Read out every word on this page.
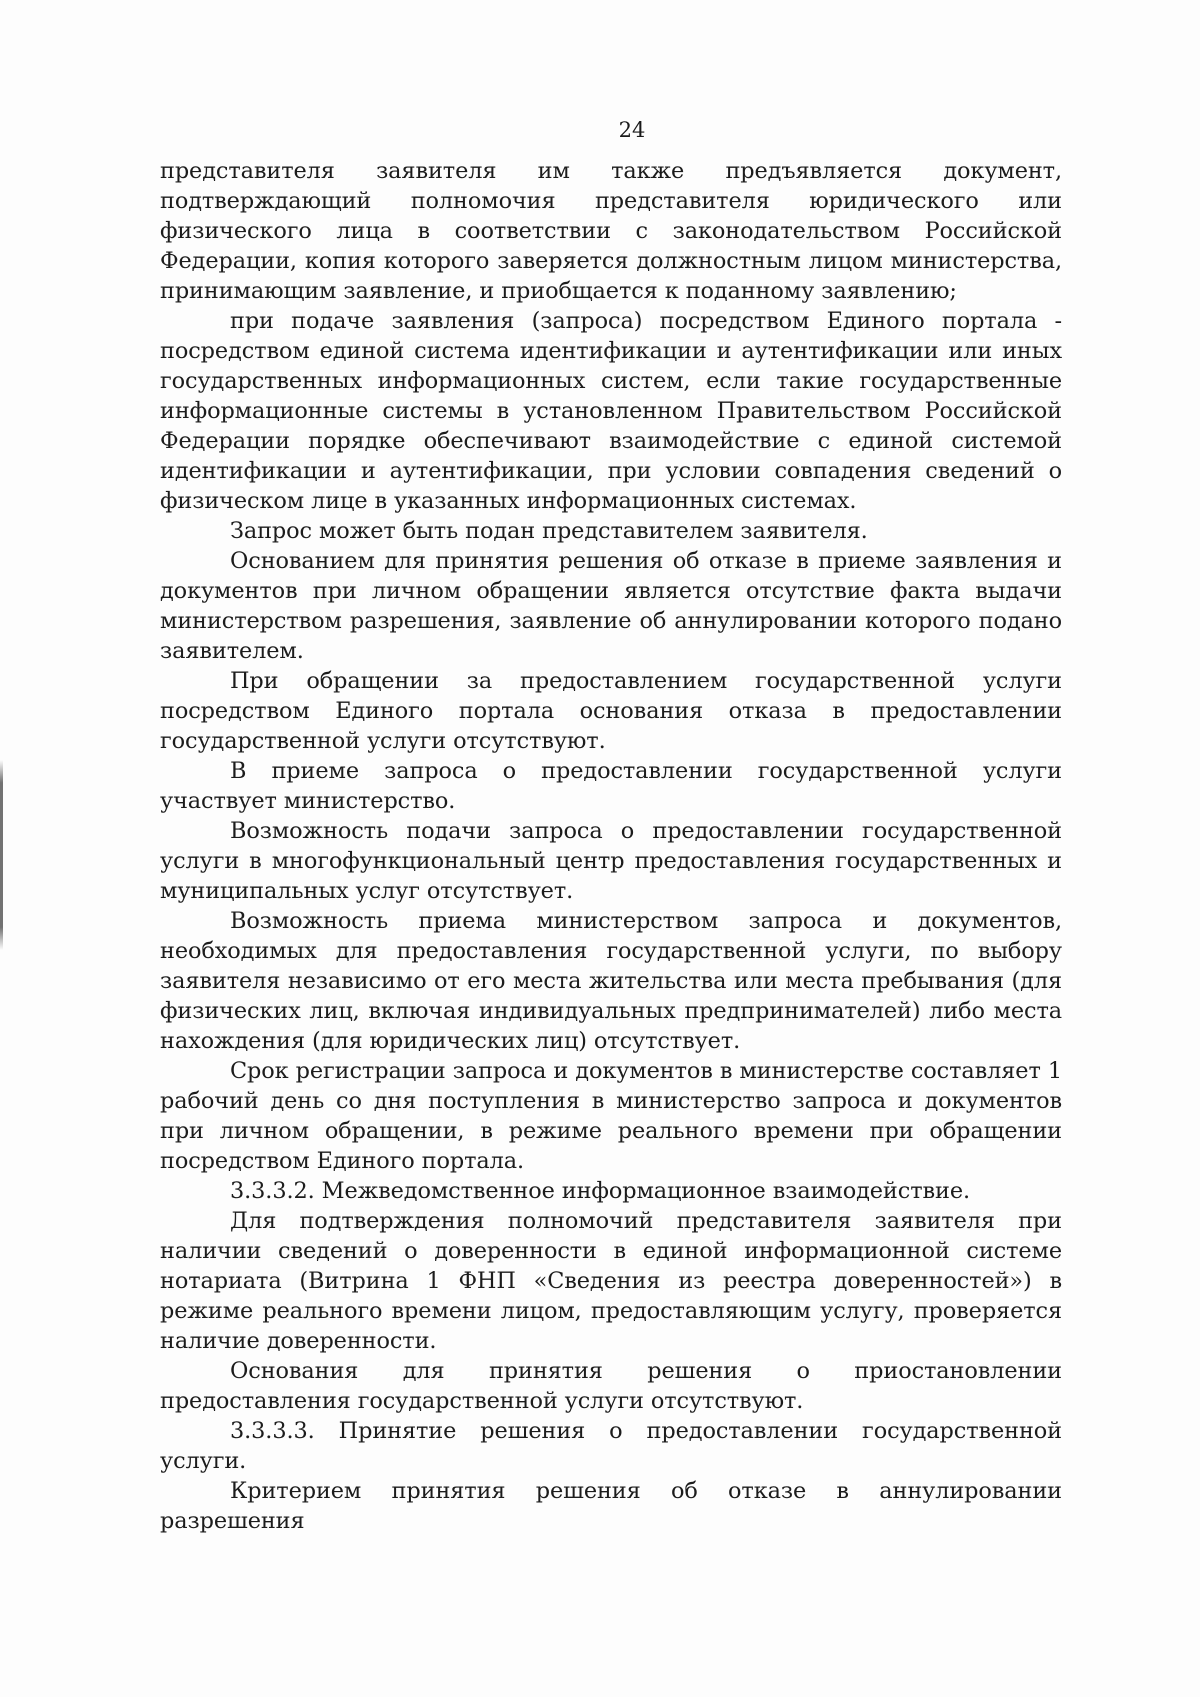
24

представителя заявителя им также предъявляется документ, подтверждающий полномочия представителя юридического или физического лица в соответствии с законодательством Российской Федерации, копия которого заверяется должностным лицом министерства, принимающим заявление, и приобщается к поданному заявлению;

при подаче заявления (запроса) посредством Единого портала - посредством единой система идентификации и аутентификации или иных государственных информационных систем, если такие государственные информационные системы в установленном Правительством Российской Федерации порядке обеспечивают взаимодействие с единой системой идентификации и аутентификации, при условии совпадения сведений о физическом лице в указанных информационных системах.

Запрос может быть подан представителем заявителя.

Основанием для принятия решения об отказе в приеме заявления и документов при личном обращении является отсутствие факта выдачи министерством разрешения, заявление об аннулировании которого подано заявителем.

При обращении за предоставлением государственной услуги посредством Единого портала основания отказа в предоставлении государственной услуги отсутствуют.

В приеме запроса о предоставлении государственной услуги участвует министерство.

Возможность подачи запроса о предоставлении государственной услуги в многофункциональный центр предоставления государственных и муниципальных услуг отсутствует.

Возможность приема министерством запроса и документов, необходимых для предоставления государственной услуги, по выбору заявителя независимо от его места жительства или места пребывания (для физических лиц, включая индивидуальных предпринимателей) либо места нахождения (для юридических лиц) отсутствует.

Срок регистрации запроса и документов в министерстве составляет 1 рабочий день со дня поступления в министерство запроса и документов при личном обращении, в режиме реального времени при обращении посредством Единого портала.

3.3.3.2. Межведомственное информационное взаимодействие.

Для подтверждения полномочий представителя заявителя при наличии сведений о доверенности в единой информационной системе нотариата (Витрина 1 ФНП «Сведения из реестра доверенностей») в режиме реального времени лицом, предоставляющим услугу, проверяется наличие доверенности.

Основания для принятия решения о приостановлении предоставления государственной услуги отсутствуют.

3.3.3.3. Принятие решения о предоставлении государственной услуги.

Критерием принятия решения об отказе в аннулировании разрешения
